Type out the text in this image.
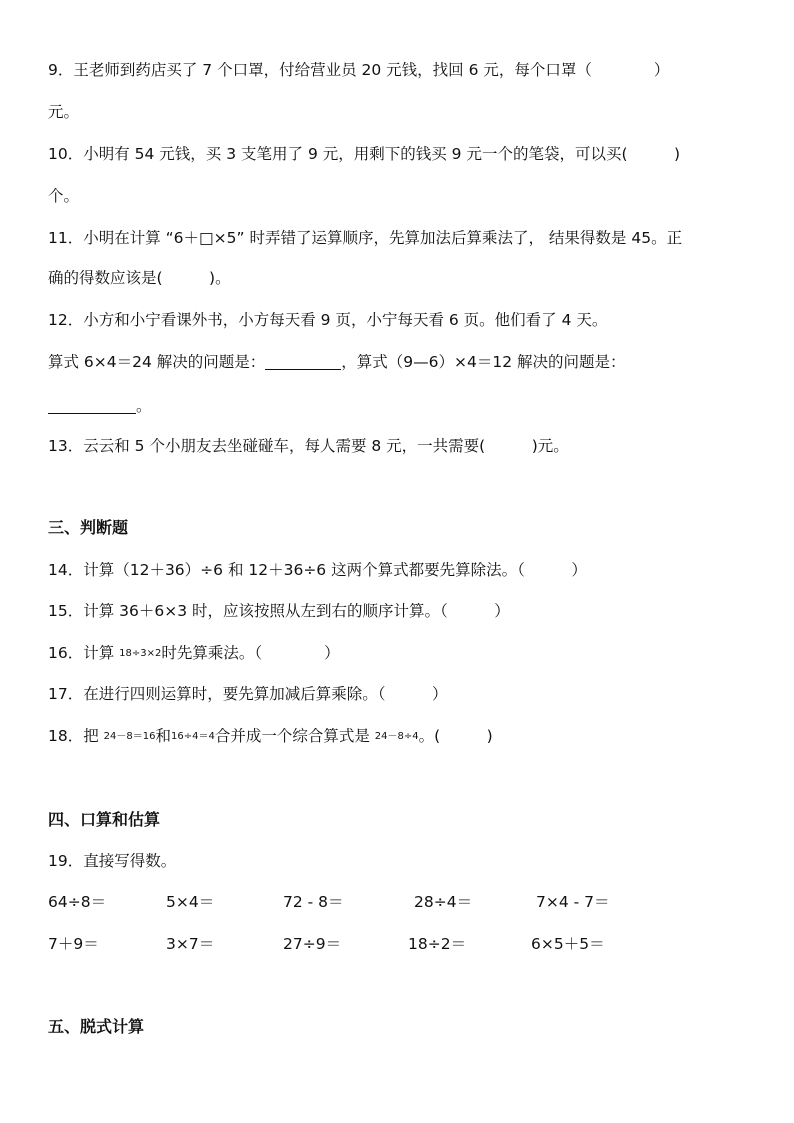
9．王老师到药店买了 7 个口罩，付给营业员 20 元钱，找回 6 元，每个口罩（　　　　）
元。
10．小明有 54 元钱，买 3 支笔用了 9 元，用剩下的钱买 9 元一个的笔袋，可以买(　　　)
个。
11．小明在计算 “6＋□×5” 时弄错了运算顺序，先算加法后算乘法了， 结果得数是 45。正
确的得数应该是(　　　)。
12．小方和小宁看课外书，小方每天看 9 页，小宁每天看 6 页。他们看了 4 天。
算式 6×4＝24 解决的问题是：	，算式（9—6）×4＝12 解决的问题是：
。
13．云云和 5 个小朋友去坐碰碰车，每人需要 8 元，一共需要(　　　)元。
三、判断题
14．计算（12＋36）÷6 和 12＋36÷6 这两个算式都要先算除法。（　　　）
15．计算 36＋6×3 时，应该按照从左到右的顺序计算。（　　　）
16．计算 18÷3×2时先算乘法。（　　　　）
17．在进行四则运算时，要先算加减后算乘除。（　　　）
18．把 24－8＝16和16÷4＝4合并成一个综合算式是 24－8÷4。(　　　)
四、口算和估算
19．直接写得数。
64÷8＝	5×4＝	72 - 8＝	28÷4＝	7×4 - 7＝
7＋9＝	3×7＝	27÷9＝	18÷2＝	6×5＋5＝
五、脱式计算
